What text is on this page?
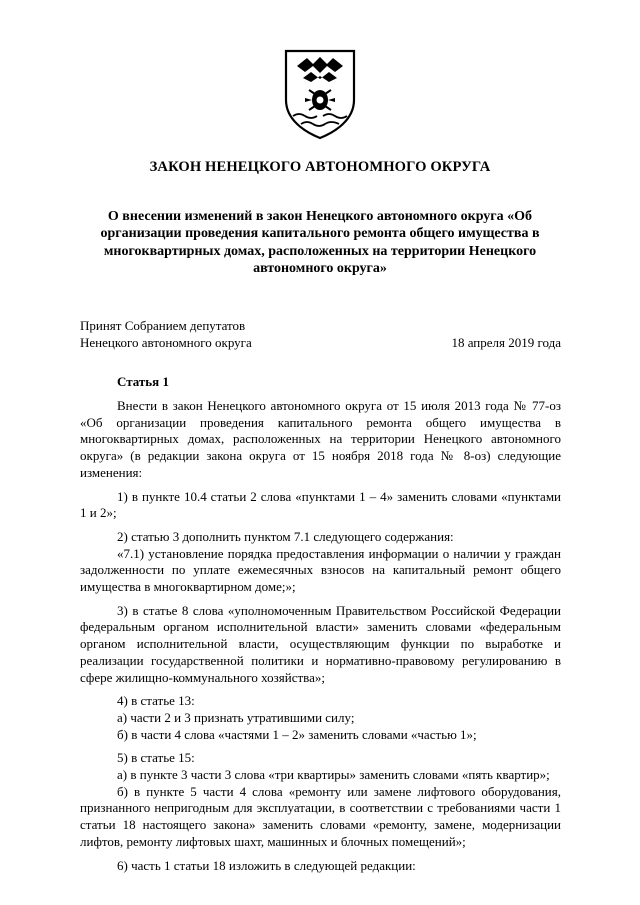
ЗАКОН НЕНЕЦКОГО АВТОНОМНОГО ОКРУГА
О внесении изменений в закон Ненецкого автономного округа «Об организации проведения капитального ремонта общего имущества в многоквартирных домах, расположенных на территории Ненецкого автономного округа»
Принят Собранием депутатов
Ненецкого автономного округа	18 апреля 2019 года
Статья 1

Внести в закон Ненецкого автономного округа от 15 июля 2013 года № 77-оз «Об организации проведения капитального ремонта общего имущества в многоквартирных домах, расположенных на территории Ненецкого автономного округа» (в редакции закона округа от 15 ноября 2018 года № 8-оз) следующие изменения:

1) в пункте 10.4 статьи 2 слова «пунктами 1 – 4» заменить словами «пунктами 1 и 2»;

2) статью 3 дополнить пунктом 7.1 следующего содержания:

«7.1) установление порядка предоставления информации о наличии у граждан задолженности по уплате ежемесячных взносов на капитальный ремонт общего имущества в многоквартирном доме;»;

3) в статье 8 слова «уполномоченным Правительством Российской Федерации федеральным органом исполнительной власти» заменить словами «федеральным органом исполнительной власти, осуществляющим функции по выработке и реализации государственной политики и нормативно-правовому регулированию в сфере жилищно-коммунального хозяйства»;

4) в статье 13:

а) части 2 и 3 признать утратившими силу;

б) в части 4 слова «частями 1 – 2» заменить словами «частью 1»;

5) в статье 15:

а) в пункте 3 части 3 слова «три квартиры» заменить словами «пять квартир»;

б) в пункте 5 части 4 слова «ремонту или замене лифтового оборудования, признанного непригодным для эксплуатации, в соответствии с требованиями части 1 статьи 18 настоящего закона» заменить словами «ремонту, замене, модернизации лифтов, ремонту лифтовых шахт, машинных и блочных помещений»;

6) часть 1 статьи 18 изложить в следующей редакции:
